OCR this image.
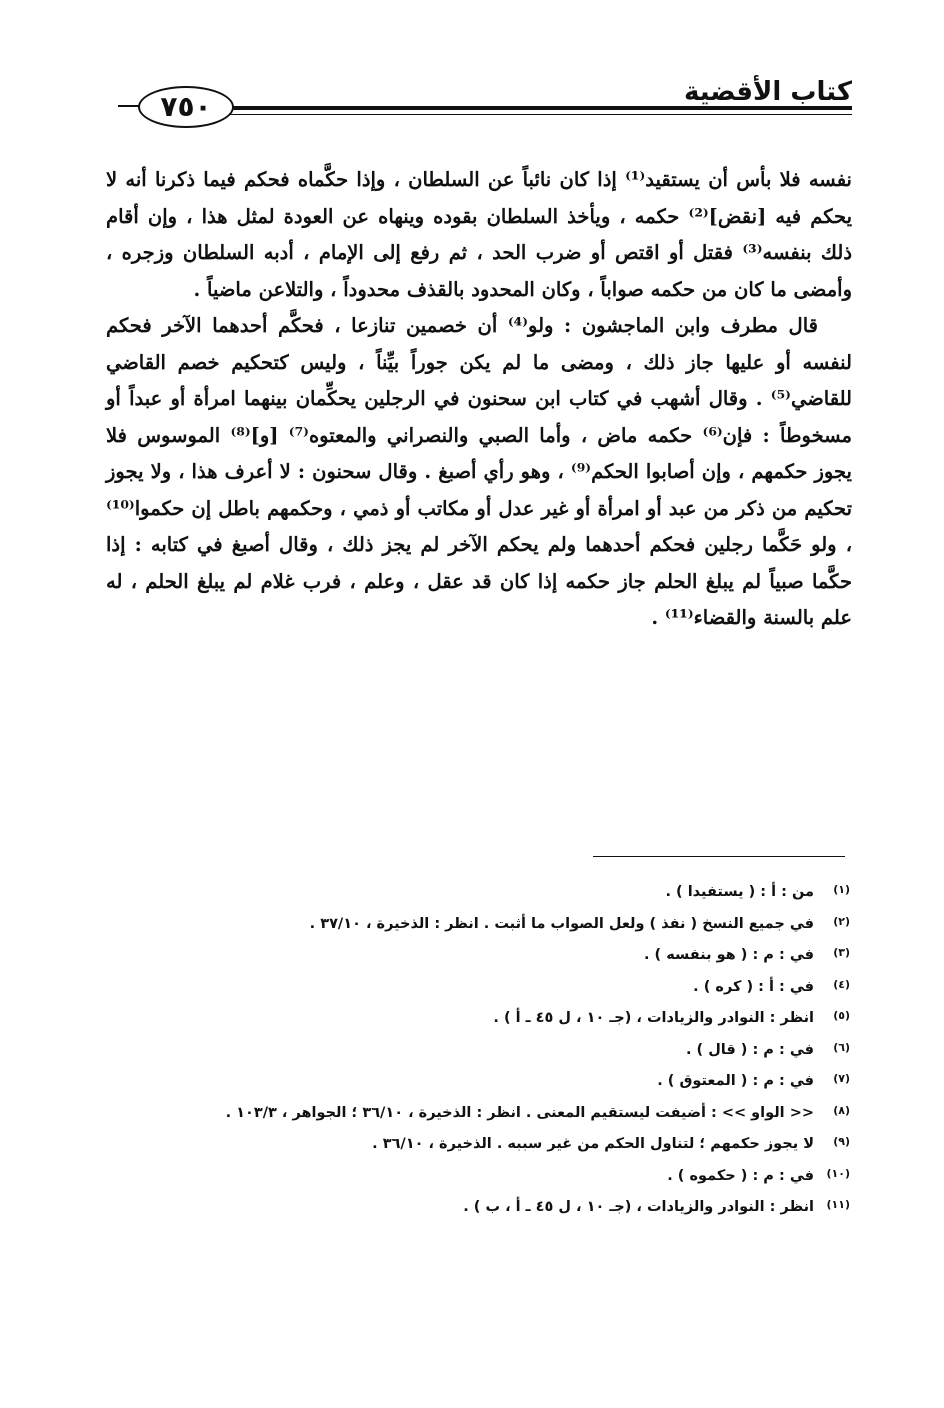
٧٥٠	كتاب الأقضية

نفسه فلا بأس أن يستقيد⁽¹⁾ إذا كان نائباً عن السلطان ، وإذا حكَّماه فحكم فيما ذكرنا أنه لا يحكم فيه [نقض]⁽²⁾ حكمه ، ويأخذ السلطان بقوده وينهاه عن العودة لمثل هذا ، وإن أقام ذلك بنفسه⁽³⁾ فقتل أو اقتص أو ضرب الحد ، ثم رفع إلى الإمام ، أدبه السلطان وزجره ، وأمضى ما كان من حكمه صواباً ، وكان المحدود بالقذف محدوداً ، والتلاعن ماضياً .

قال مطرف وابن الماجشون : ولو⁽⁴⁾ أن خصمين تنازعا ، فحكَّم أحدهما الآخر فحكم لنفسه أو عليها جاز ذلك ، ومضى ما لم يكن جوراً بيِّناً ، وليس كتحكيم خصم القاضي للقاضي⁽⁵⁾ . وقال أشهب في كتاب ابن سحنون في الرجلين يحكِّمان بينهما امرأة أو عبداً أو مسخوطاً : فإن⁽⁶⁾ حكمه ماض ، وأما الصبي والنصراني والمعتوه⁽⁷⁾ [و]⁽⁸⁾ الموسوس فلا يجوز حكمهم ، وإن أصابوا الحكم⁽⁹⁾ ، وهو رأي أصبغ . وقال سحنون : لا أعرف هذا ، ولا يجوز تحكيم من ذكر من عبد أو امرأة أو غير عدل أو مكاتب أو ذمي ، وحكمهم باطل إن حكموا⁽¹⁰⁾ ، ولو حَكَّما رجلين فحكم أحدهما ولم يحكم الآخر لم يجز ذلك ، وقال أصبغ في كتابه : إذا حكَّما صبياً لم يبلغ الحلم جاز حكمه إذا كان قد عقل ، وعلم ، فرب غلام لم يبلغ الحلم ، له علم بالسنة والقضاء⁽¹¹⁾ .

(١)من : أ : ( يستفيدا ) .
(٢)في جميع النسخ ( نفذ ) ولعل الصواب ما أثبت . انظر : الذخيرة ، ٣٧/١٠ .
(٣)في : م : ( هو بنفسه ) .
(٤)في : أ : ( كره ) .
(٥)انظر : النوادر والزيادات ، (جـ ١٠ ، ل ٤٥ ـ أ ) .
(٦)في : م : ( قال ) .
(٧)في : م : ( المعتوق ) .
(٨)<< الواو >> : أضيفت ليستقيم المعنى . انظر : الذخيرة ، ٣٦/١٠ ؛ الجواهر ، ١٠٣/٣ .
(٩)لا يجوز حكمهم ؛ لتناول الحكم من غير سببه . الذخيرة ، ٣٦/١٠ .
(١٠)في : م : ( حكموه ) .
(١١)انظر : النوادر والزيادات ، (جـ ١٠ ، ل ٤٥ ـ أ ، ب ) .
